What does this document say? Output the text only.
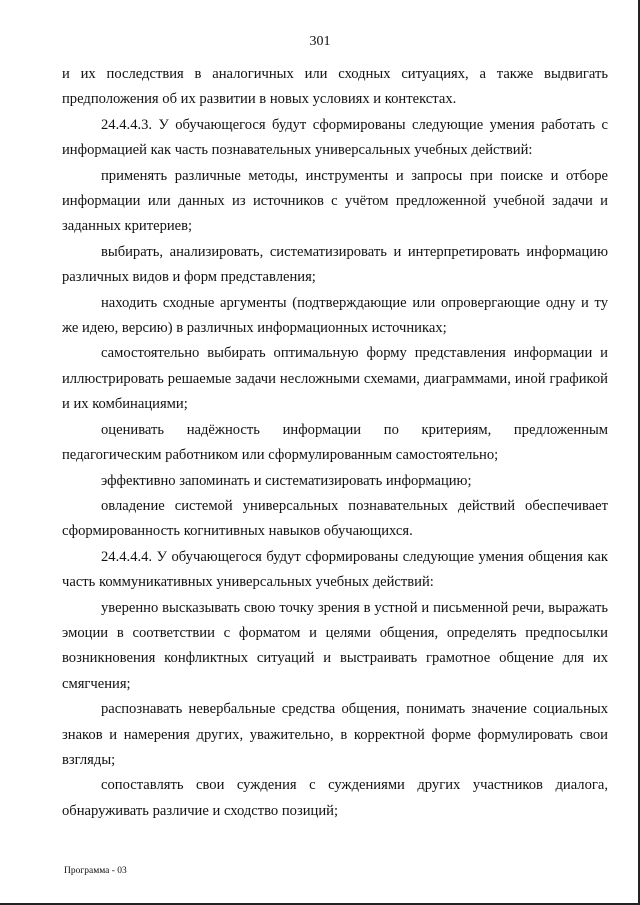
301

и их последствия в аналогичных или сходных ситуациях, а также выдвигать предположения об их развитии в новых условиях и контекстах.

24.4.4.3. У обучающегося будут сформированы следующие умения работать с информацией как часть познавательных универсальных учебных действий:

применять различные методы, инструменты и запросы при поиске и отборе информации или данных из источников с учётом предложенной учебной задачи и заданных критериев;

выбирать, анализировать, систематизировать и интерпретировать информацию различных видов и форм представления;

находить сходные аргументы (подтверждающие или опровергающие одну и ту же идею, версию) в различных информационных источниках;

самостоятельно выбирать оптимальную форму представления информации и иллюстрировать решаемые задачи несложными схемами, диаграммами, иной графикой и их комбинациями;

оценивать надёжность информации по критериям, предложенным педагогическим работником или сформулированным самостоятельно;

эффективно запоминать и систематизировать информацию;

овладение системой универсальных познавательных действий обеспечивает сформированность когнитивных навыков обучающихся.

24.4.4.4. У обучающегося будут сформированы следующие умения общения как часть коммуникативных универсальных учебных действий:

уверенно высказывать свою точку зрения в устной и письменной речи, выражать эмоции в соответствии с форматом и целями общения, определять предпосылки возникновения конфликтных ситуаций и выстраивать грамотное общение для их смягчения;

распознавать невербальные средства общения, понимать значение социальных знаков и намерения других, уважительно, в корректной форме формулировать свои взгляды;

сопоставлять свои суждения с суждениями других участников диалога, обнаруживать различие и сходство позиций;

Программа - 03
